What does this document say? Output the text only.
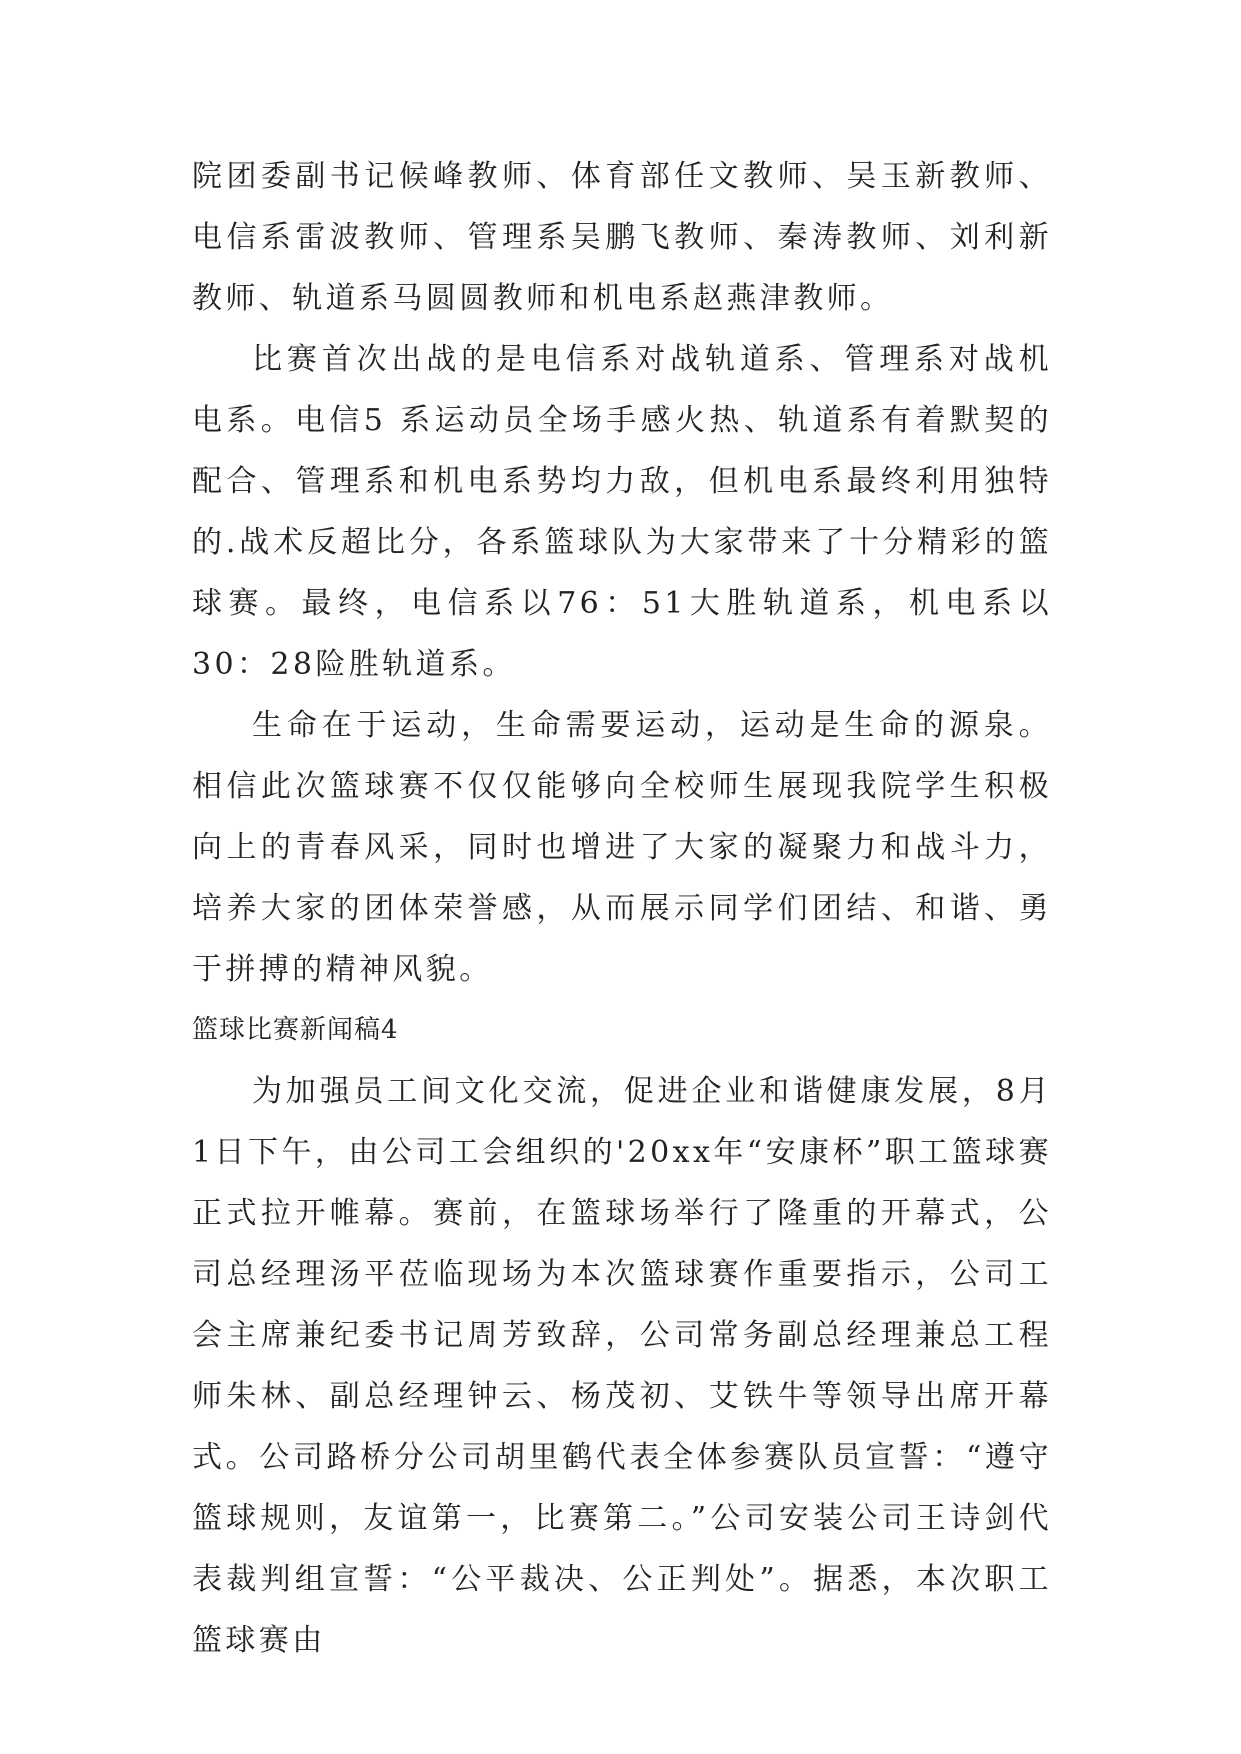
院团委副书记候峰教师、体育部任文教师、吴玉新教师、电信系雷波教师、管理系吴鹏飞教师、秦涛教师、刘利新教师、轨道系马圆圆教师和机电系赵燕津教师。

比赛首次出战的是电信系对战轨道系、管理系对战机电系。电信5 系运动员全场手感火热、轨道系有着默契的配合、管理系和机电系势均力敌，但机电系最终利用独特的.战术反超比分，各系篮球队为大家带来了十分精彩的篮球赛。最终，电信系以76：51大胜轨道系，机电系以30：28险胜轨道系。

生命在于运动，生命需要运动，运动是生命的源泉。相信此次篮球赛不仅仅能够向全校师生展现我院学生积极向上的青春风采，同时也增进了大家的凝聚力和战斗力，培养大家的团体荣誉感，从而展示同学们团结、和谐、勇于拼搏的精神风貌。

篮球比赛新闻稿4

为加强员工间文化交流，促进企业和谐健康发展，8月1日下午，由公司工会组织的'20xx年“安康杯”职工篮球赛正式拉开帷幕。赛前，在篮球场举行了隆重的开幕式，公司总经理汤平莅临现场为本次篮球赛作重要指示，公司工会主席兼纪委书记周芳致辞，公司常务副总经理兼总工程师朱林、副总经理钟云、杨茂初、艾铁牛等领导出席开幕式。公司路桥分公司胡里鹤代表全体参赛队员宣誓：“遵守篮球规则，友谊第一，比赛第二。”公司安装公司王诗剑代表裁判组宣誓：“公平裁决、公正判处”。据悉，本次职工篮球赛由
